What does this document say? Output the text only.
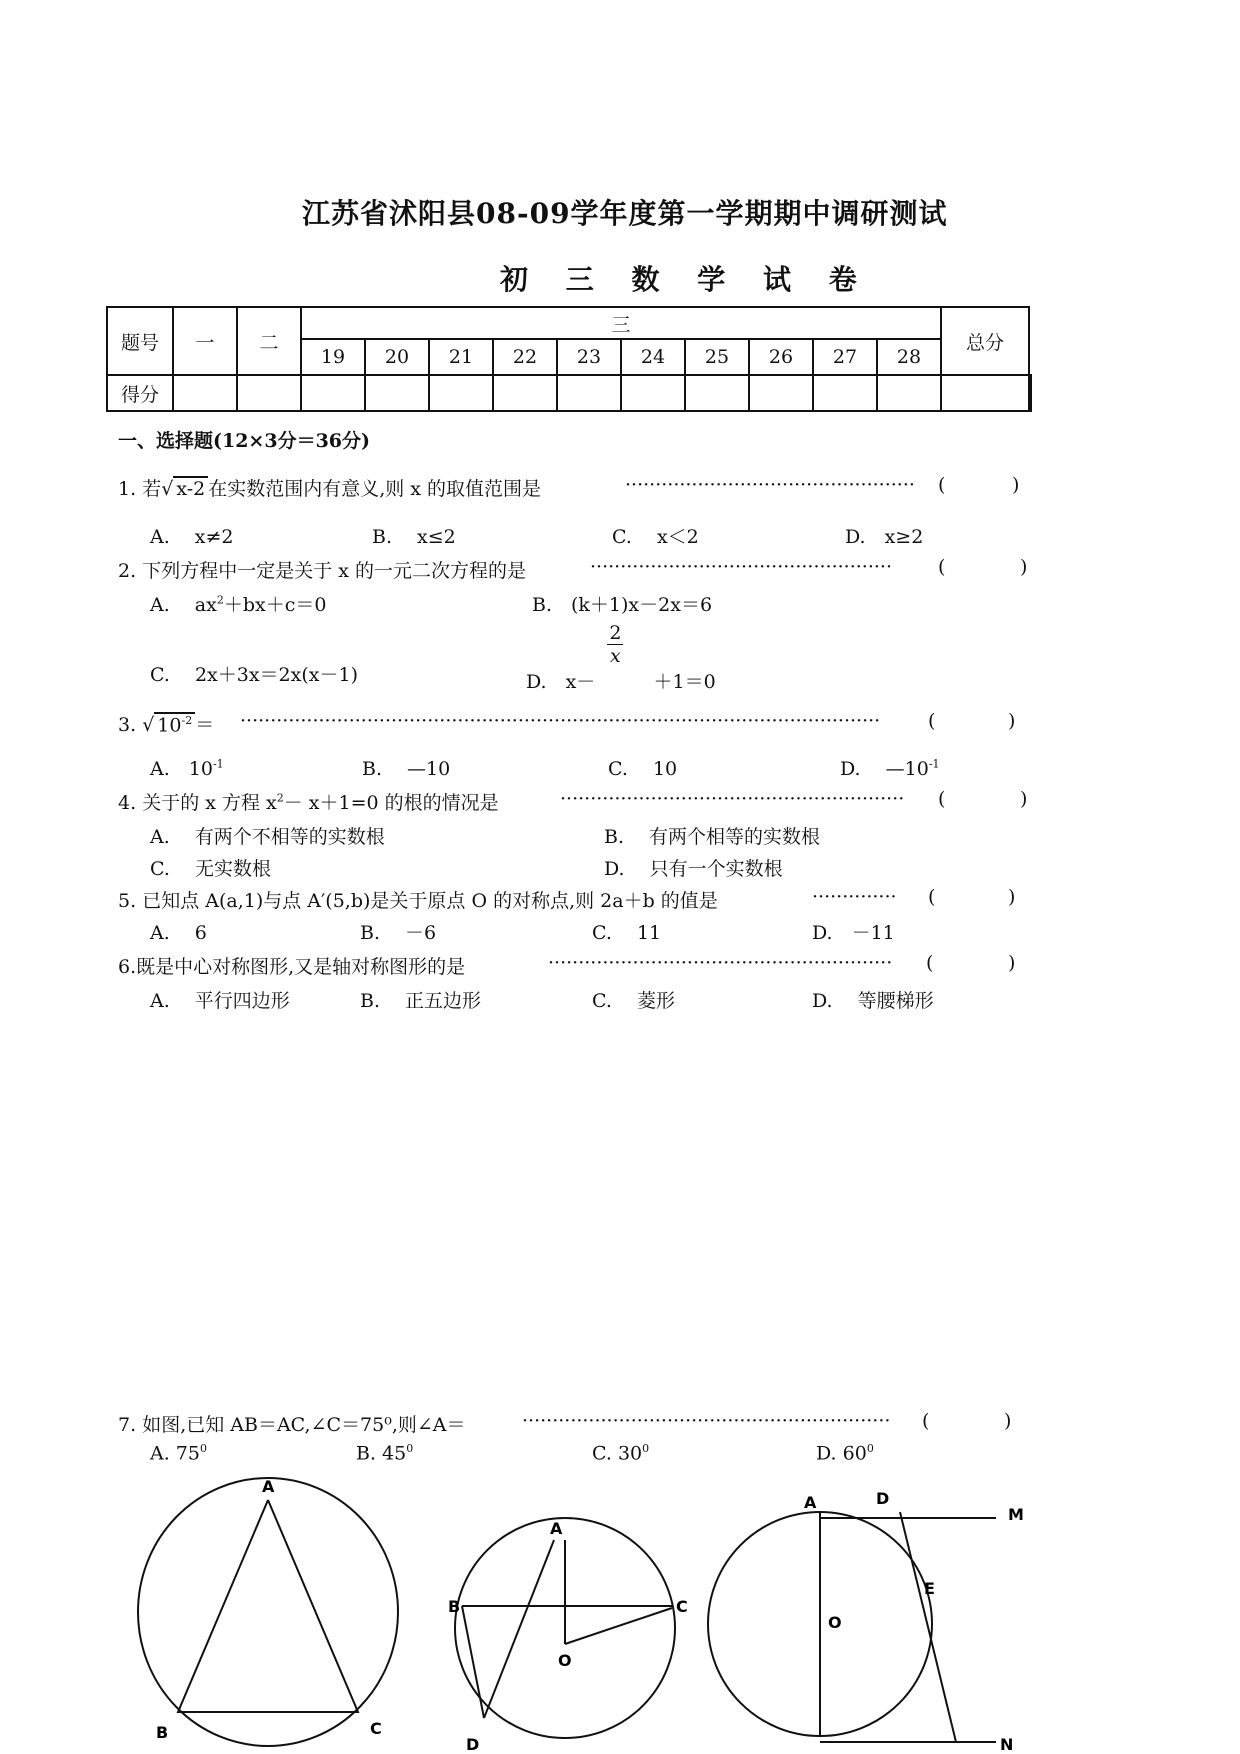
江苏省沭阳县08-09学年度第一学期期中调研测试
初 三 数 学 试 卷
题号	一	二	三										总分	
			19	20	21	22	23	24	25	26	27	28		
得分														
一、选择题(12×3分＝36分)
1. 若√ x-2 在实数范围内有意义,则 x 的取值范围是	················································	(	)
A.　 x≠2	B.　 x≤2	C.　 x＜2	D.　x≥2
2. 下列方程中一定是关于 x 的一元二次方程的是	··················································	(	)
A.　 $ax^2+bx+c=0$	B.　(k＋1)x－2x＝6
C.　 2x＋3x＝2x(x－1)	D.　x－
$\frac{2}{x}$
＋1＝0
3. √ $10^{-2}$ ＝ ··········································································································	(	)
A.　$10^{-1}$	B.　 —10	C.　 10	D.　 $—10^{-1}$
4. 关于的 x 方程 $x^2- x+1=0$ 的根的情况是	·························································	(	)
A.　 有两个不相等的实数根	B.　 有两个相等的实数根
C.　 无实数根	D.　 只有一个实数根
5. 已知点 A(a,1)与点 A′(5,b)是关于原点 O 的对称点,则 2a＋b 的值是	··············	(	)
A.　 6	B.　 －6	C.　 11	D.　－11
6.既是中心对称图形,又是轴对称图形的是	·························································	(	)
A.　 平行四边形	B.　 正五边形	C.　 菱形	D.　 等腰梯形
7. 如图,已知 AB＝AC,∠C＝75⁰,则∠A＝	·····························································	(	)
A. $75^0$	B. $45^0$	C. $30^0$	D. $60^0$
A
B	C
A
B	C
O
D
A	D
M
E
O
N
